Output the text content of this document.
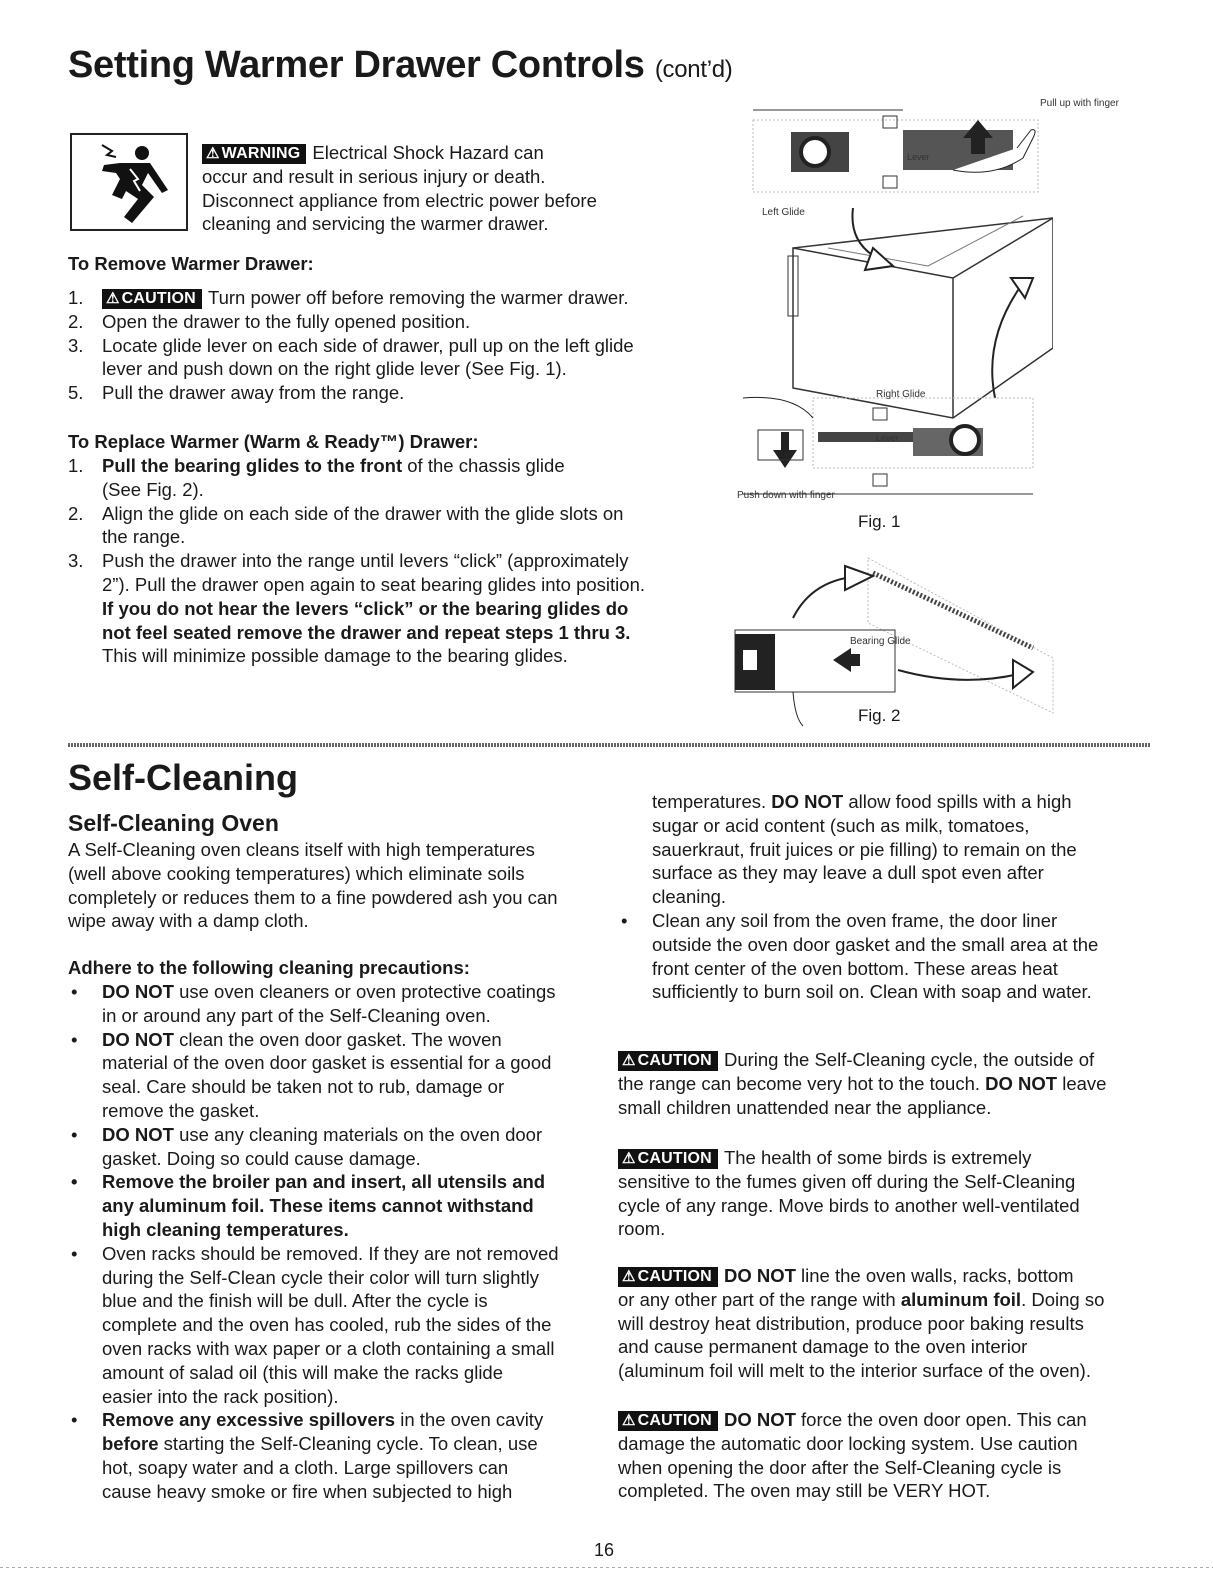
Setting Warmer Drawer Controls (cont’d)
⚠ WARNING Electrical Shock Hazard can
occur and result in serious injury or death.
Disconnect appliance from electric power before
cleaning and servicing the warmer drawer.
To Remove Warmer Drawer:
1. ⚠ CAUTION Turn power off before removing the warmer drawer.
2. Open the drawer to the fully opened position.
3. Locate glide lever on each side of drawer, pull up on the left glide
lever and push down on the right glide lever (See Fig. 1).
5. Pull the drawer away from the range.
To Replace Warmer (Warm & Ready™) Drawer:
1. Pull the bearing glides to the front of the chassis glide
(See Fig. 2).
2. Align the glide on each side of the drawer with the glide slots on
the range.
3. Push the drawer into the range until levers “click” (approximately
2”). Pull the drawer open again to seat bearing glides into position.
If you do not hear the levers “click” or the bearing glides do
not feel seated remove the drawer and repeat steps 1 thru 3.
This will minimize possible damage to the bearing glides.
Pull up with finger
Left Glide
Lever
Right Glide
Lever
Push down with finger
Fig. 1
Bearing Glide
Fig. 2
Self-Cleaning
Self-Cleaning Oven
A Self-Cleaning oven cleans itself with high temperatures
(well above cooking temperatures) which eliminate soils
completely or reduces them to a fine powdered ash you can
wipe away with a damp cloth.
Adhere to the following cleaning precautions:
• DO NOT use oven cleaners or oven protective coatings
in or around any part of the Self-Cleaning oven.
• DO NOT clean the oven door gasket. The woven
material of the oven door gasket is essential for a good
seal. Care should be taken not to rub, damage or
remove the gasket.
• DO NOT use any cleaning materials on the oven door
gasket. Doing so could cause damage.
• Remove the broiler pan and insert, all utensils and
any aluminum foil. These items cannot withstand
high cleaning temperatures.
• Oven racks should be removed. If they are not removed
during the Self-Clean cycle their color will turn slightly
blue and the finish will be dull. After the cycle is
complete and the oven has cooled, rub the sides of the
oven racks with wax paper or a cloth containing a small
amount of salad oil (this will make the racks glide
easier into the rack position).
• Remove any excessive spillovers in the oven cavity
before starting the Self-Cleaning cycle. To clean, use
hot, soapy water and a cloth. Large spillovers can
cause heavy smoke or fire when subjected to high
temperatures. DO NOT allow food spills with a high
sugar or acid content (such as milk, tomatoes,
sauerkraut, fruit juices or pie filling) to remain on the
surface as they may leave a dull spot even after
cleaning.
• Clean any soil from the oven frame, the door liner
outside the oven door gasket and the small area at the
front center of the oven bottom. These areas heat
sufficiently to burn soil on. Clean with soap and water.
⚠ CAUTION During the Self-Cleaning cycle, the outside of
the range can become very hot to the touch. DO NOT leave
small children unattended near the appliance.
⚠ CAUTION The health of some birds is extremely
sensitive to the fumes given off during the Self-Cleaning
cycle of any range. Move birds to another well-ventilated
room.
⚠ CAUTION DO NOT line the oven walls, racks, bottom
or any other part of the range with aluminum foil. Doing so
will destroy heat distribution, produce poor baking results
and cause permanent damage to the oven interior
(aluminum foil will melt to the interior surface of the oven).
⚠ CAUTION DO NOT force the oven door open. This can
damage the automatic door locking system. Use caution
when opening the door after the Self-Cleaning cycle is
completed. The oven may still be VERY HOT.
16
